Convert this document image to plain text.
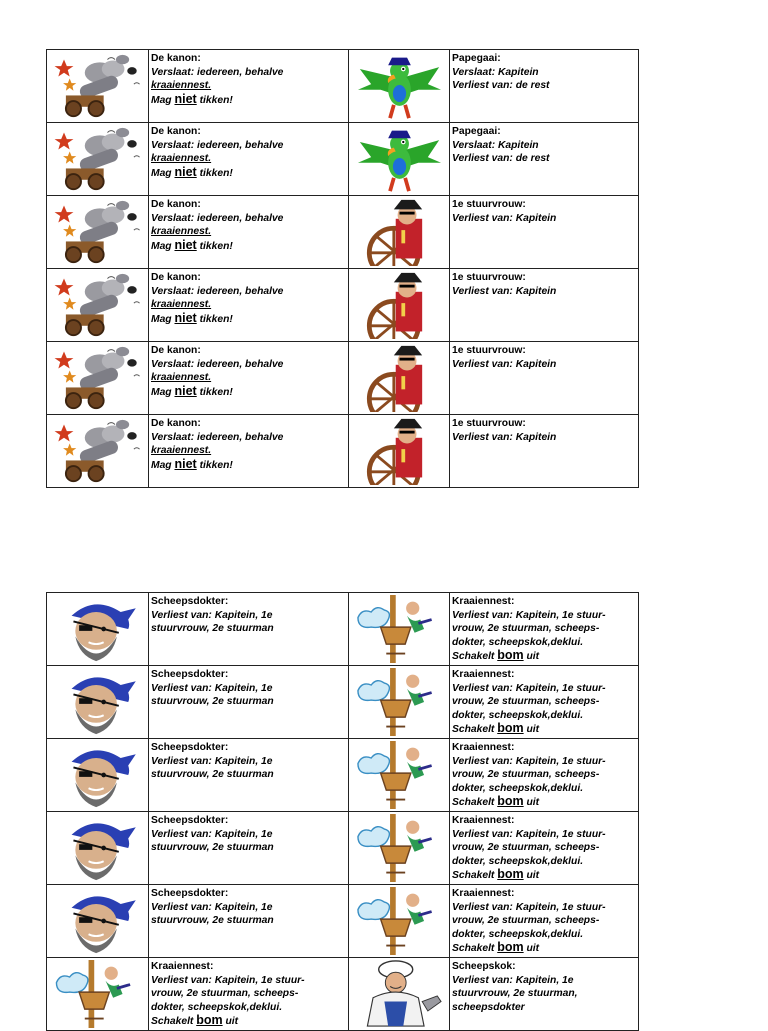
De kanon:
Verslaat: iedereen, behalve
kraaiennest.
Mag niet tikken!		Papegaai:
Verslaat: Kapitein
Verliest van: de rest

De kanon:
Verslaat: iedereen, behalve
kraaiennest.
Mag niet tikken!		Papegaai:
Verslaat: Kapitein
Verliest van: de rest

De kanon:
Verslaat: iedereen, behalve
kraaiennest.
Mag niet tikken!		1e stuurvrouw:
Verliest van: Kapitein

De kanon:
Verslaat: iedereen, behalve
kraaiennest.
Mag niet tikken!		1e stuurvrouw:
Verliest van: Kapitein

De kanon:
Verslaat: iedereen, behalve
kraaiennest.
Mag niet tikken!		1e stuurvrouw:
Verliest van: Kapitein

De kanon:
Verslaat: iedereen, behalve
kraaiennest.
Mag niet tikken!		1e stuurvrouw:
Verliest van: Kapitein

Scheepsdokter:
Verliest van: Kapitein, 1e
stuurvrouw, 2e stuurman		Kraaiennest:
Verliest van: Kapitein, 1e stuur-
vrouw, 2e stuurman, scheeps-
dokter, scheepskok,deklui.
Schakelt bom uit

Scheepsdokter:
Verliest van: Kapitein, 1e
stuurvrouw, 2e stuurman		Kraaiennest:
Verliest van: Kapitein, 1e stuur-
vrouw, 2e stuurman, scheeps-
dokter, scheepskok,deklui.
Schakelt bom uit

Scheepsdokter:
Verliest van: Kapitein, 1e
stuurvrouw, 2e stuurman		Kraaiennest:
Verliest van: Kapitein, 1e stuur-
vrouw, 2e stuurman, scheeps-
dokter, scheepskok,deklui.
Schakelt bom uit

Scheepsdokter:
Verliest van: Kapitein, 1e
stuurvrouw, 2e stuurman		Kraaiennest:
Verliest van: Kapitein, 1e stuur-
vrouw, 2e stuurman, scheeps-
dokter, scheepskok,deklui.
Schakelt bom uit

Scheepsdokter:
Verliest van: Kapitein, 1e
stuurvrouw, 2e stuurman		Kraaiennest:
Verliest van: Kapitein, 1e stuur-
vrouw, 2e stuurman, scheeps-
dokter, scheepskok,deklui.
Schakelt bom uit

Kraaiennest:
Verliest van: Kapitein, 1e stuur-
vrouw, 2e stuurman, scheeps-
dokter, scheepskok,deklui.
Schakelt bom uit		Scheepskok:
Verliest van: Kapitein, 1e
stuurvrouw, 2e stuurman,
scheepsdokter
